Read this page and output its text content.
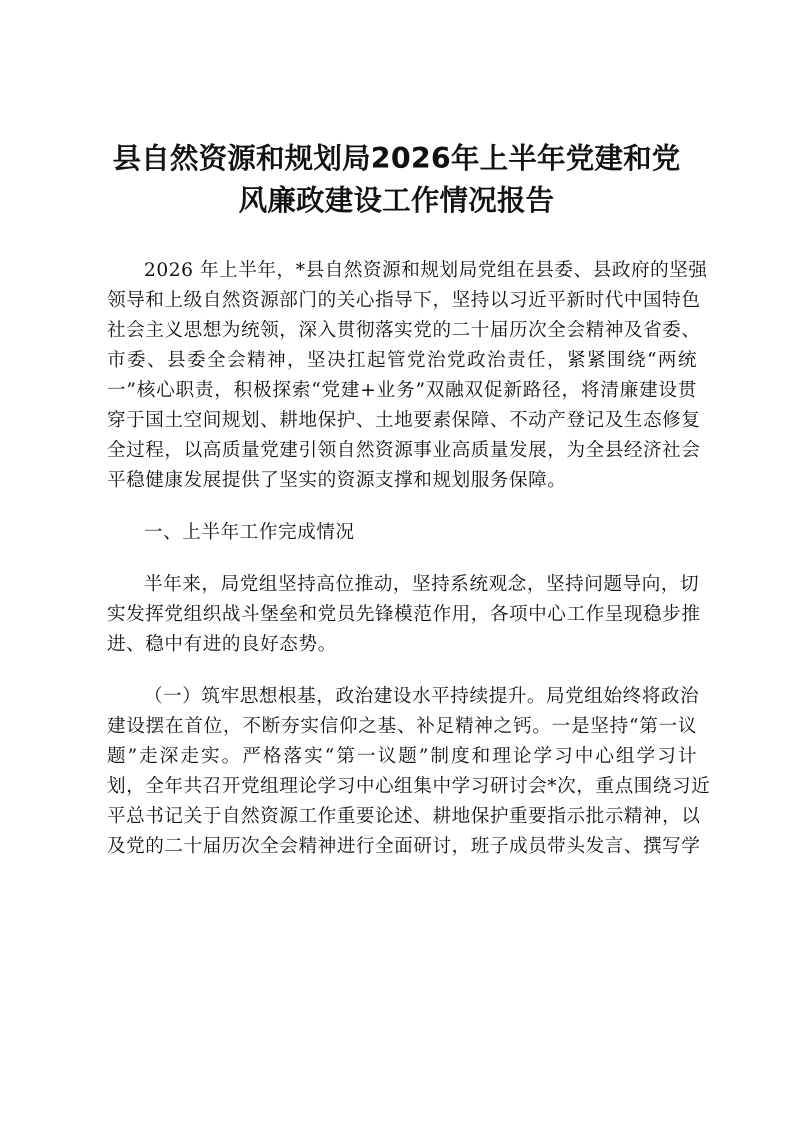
县自然资源和规划局2026年上半年党建和党
风廉政建设工作情况报告
2026 年上半年，*县自然资源和规划局党组在县委、县政府的坚强
领导和上级自然资源部门的关心指导下，坚持以习近平新时代中国特色
社会主义思想为统领，深入贯彻落实党的二十届历次全会精神及省委、
市委、县委全会精神，坚决扛起管党治党政治责任，紧紧围绕“两统
一”核心职责，积极探索“党建+业务”双融双促新路径，将清廉建设贯
穿于国土空间规划、耕地保护、土地要素保障、不动产登记及生态修复
全过程，以高质量党建引领自然资源事业高质量发展，为全县经济社会
平稳健康发展提供了坚实的资源支撑和规划服务保障。
一、上半年工作完成情况
半年来，局党组坚持高位推动，坚持系统观念，坚持问题导向，切
实发挥党组织战斗堡垒和党员先锋模范作用，各项中心工作呈现稳步推
进、稳中有进的良好态势。
（一）筑牢思想根基，政治建设水平持续提升。局党组始终将政治
建设摆在首位，不断夯实信仰之基、补足精神之钙。一是坚持“第一议
题”走深走实。严格落实“第一议题”制度和理论学习中心组学习计
划，全年共召开党组理论学习中心组集中学习研讨会*次，重点围绕习近
平总书记关于自然资源工作重要论述、耕地保护重要指示批示精神，以
及党的二十届历次全会精神进行全面研讨，班子成员带头发言、撰写学
